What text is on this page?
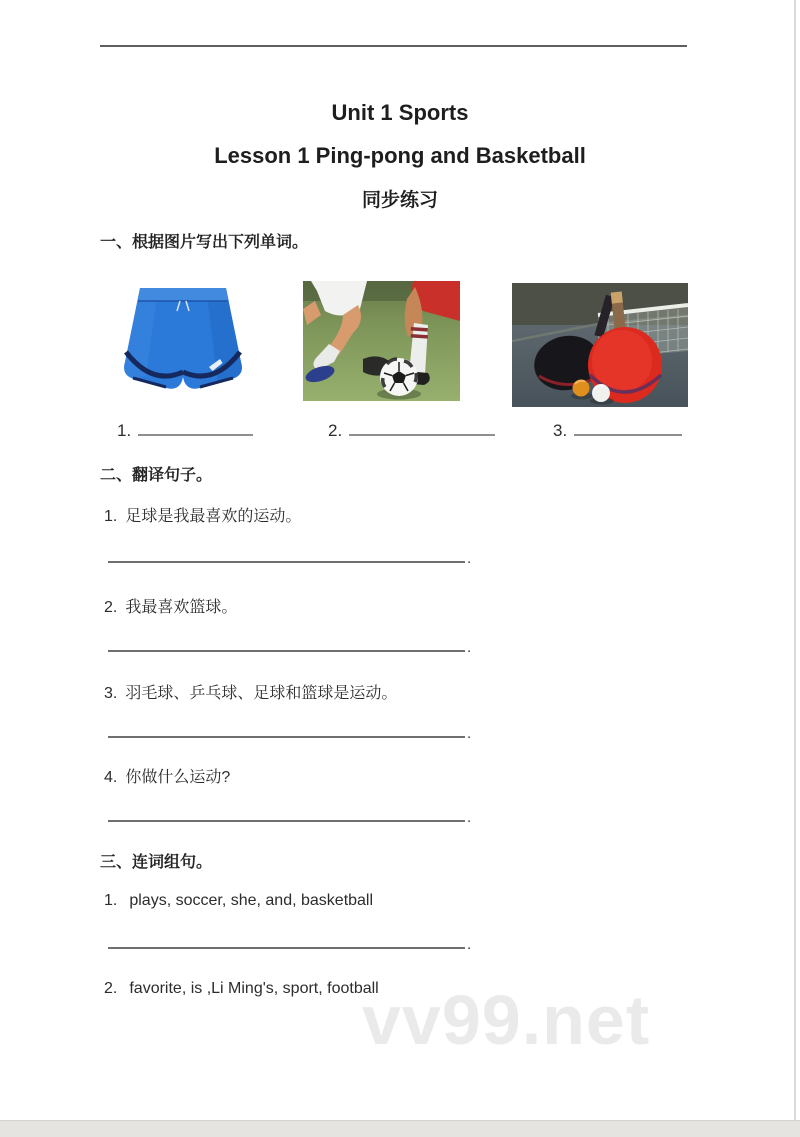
vv99.net
Unit 1 Sports
Lesson 1 Ping-pong and Basketball
同步练习
一、根据图片写出下列单词。
1.	2.	3.
二、翻译句子。
1. 足球是我最喜欢的运动。
.
2. 我最喜欢篮球。
.
3. 羽毛球、乒乓球、足球和篮球是运动。
.
4. 你做什么运动?
.
三、连词组句。
1. plays, soccer, she, and, basketball
.
2. favorite, is ,Li Ming's, sport, football
